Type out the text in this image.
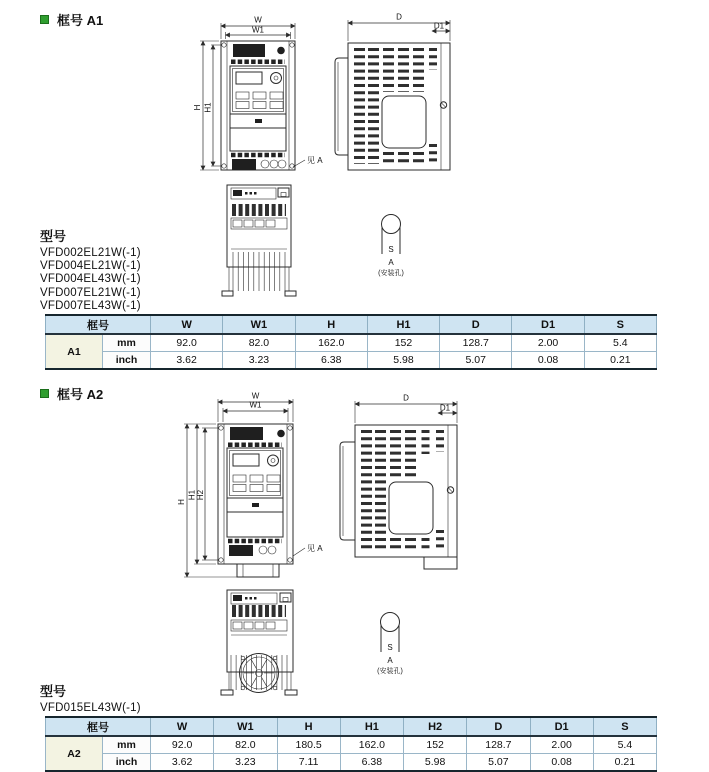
框号 A1
见 A
W
W1
H H1
D
D1
S
A
(安装孔)
型号
VFD002EL21W(-1)
VFD004EL21W(-1)
VFD004EL43W(-1)
VFD007EL21W(-1)
VFD007EL43W(-1)
框号		W	W1	H	H1	D	D1	S
A1	mm	92.0	82.0	162.0	152	128.7	2.00	5.4
	inch	3.62	3.23	6.38	5.98	5.07	0.08	0.21
框号 A2
见 A
W
W1
H
H1 H2
D
D1
S
A
(安装孔)
型号
VFD015EL43W(-1)
框号		W	W1	H	H1	H2	D	D1	S
A2	mm	92.0	82.0	180.5	162.0	152	128.7	2.00	5.4
	inch	3.62	3.23	7.11	6.38	5.98	5.07	0.08	0.21
